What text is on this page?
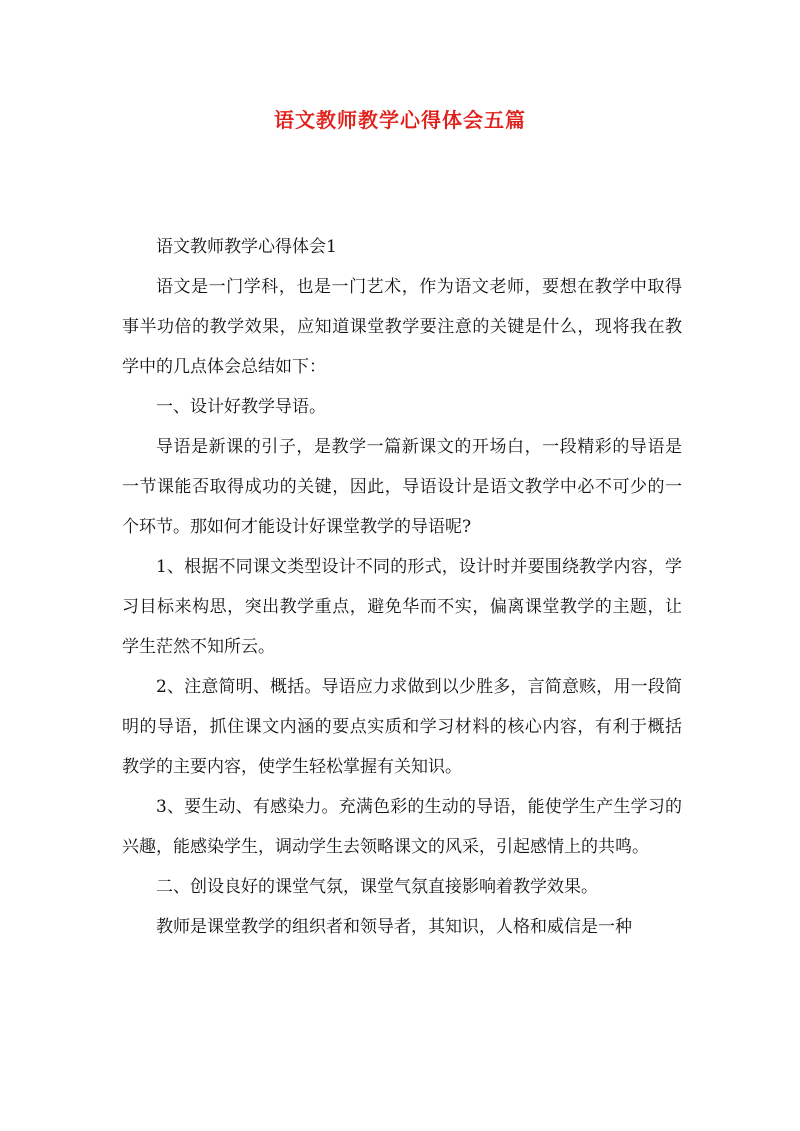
语文教师教学心得体会五篇

语文教师教学心得体会1

语文是一门学科，也是一门艺术，作为语文老师，要想在教学中取得事半功倍的教学效果，应知道课堂教学要注意的关键是什么，现将我在教学中的几点体会总结如下：

一、设计好教学导语。

导语是新课的引子，是教学一篇新课文的开场白，一段精彩的导语是一节课能否取得成功的关键，因此，导语设计是语文教学中必不可少的一个环节。那如何才能设计好课堂教学的导语呢?

1、根据不同课文类型设计不同的形式，设计时并要围绕教学内容，学习目标来构思，突出教学重点，避免华而不实，偏离课堂教学的主题，让学生茫然不知所云。

2、注意简明、概括。导语应力求做到以少胜多，言简意赅，用一段简明的导语，抓住课文内涵的要点实质和学习材料的核心内容，有利于概括教学的主要内容，使学生轻松掌握有关知识。

3、要生动、有感染力。充满色彩的生动的导语，能使学生产生学习的兴趣，能感染学生，调动学生去领略课文的风采，引起感情上的共鸣。

二、创设良好的课堂气氛，课堂气氛直接影响着教学效果。

教师是课堂教学的组织者和领导者，其知识，人格和威信是一种
